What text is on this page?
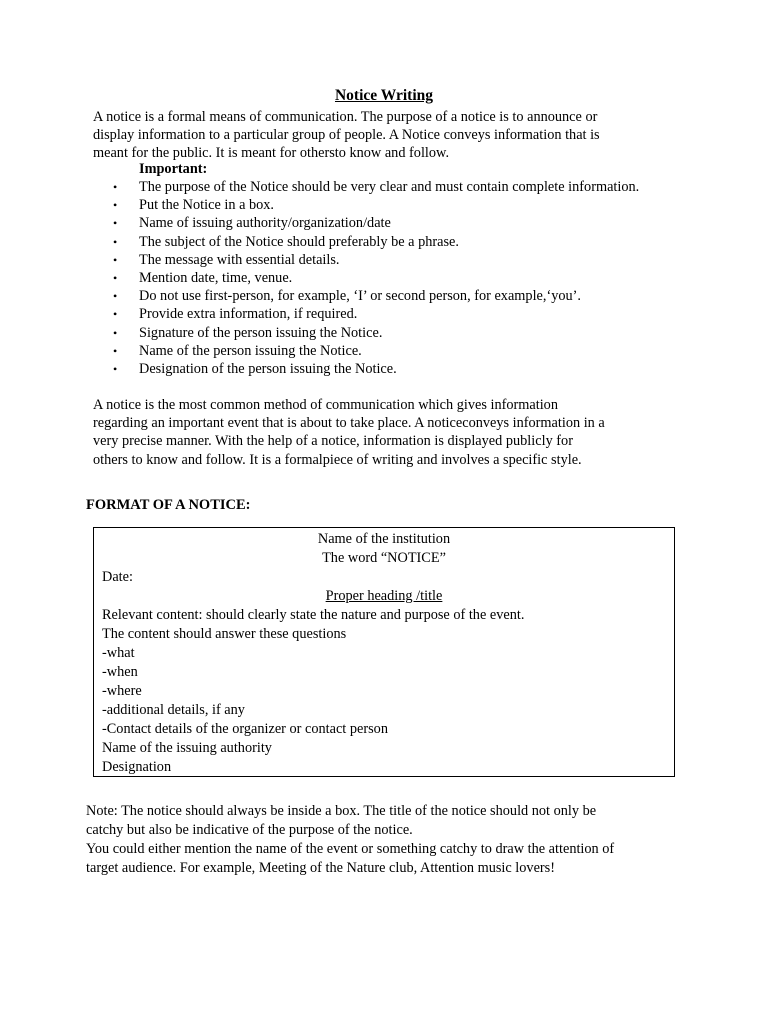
Notice Writing
A notice is a formal means of communication. The purpose of a notice is to announce or
display information to a particular group of people. A Notice conveys information that is
meant for the public. It is meant for othersto know and follow.
Important:
• The purpose of the Notice should be very clear and must contain complete information.
• Put the Notice in a box.
• Name of issuing authority/organization/date
• The subject of the Notice should preferably be a phrase.
• The message with essential details.
• Mention date, time, venue.
• Do not use first-person, for example, ‘I’ or second person, for example,‘you’.
• Provide extra information, if required.
• Signature of the person issuing the Notice.
• Name of the person issuing the Notice.
• Designation of the person issuing the Notice.
A notice is the most common method of communication which gives information
regarding an important event that is about to take place. A noticeconveys information in a
very precise manner. With the help of a notice, information is displayed publicly for
others to know and follow. It is a formalpiece of writing and involves a specific style.
FORMAT OF A NOTICE:
Name of the institution
The word “NOTICE”
Date:
Proper heading /title
Relevant content: should clearly state the nature and purpose of the event.
The content should answer these questions
-what
-when
-where
-additional details, if any
-Contact details of the organizer or contact person
Name of the issuing authority
Designation
Note: The notice should always be inside a box. The title of the notice should not only be
catchy but also be indicative of the purpose of the notice.
You could either mention the name of the event or something catchy to draw the attention of
target audience. For example, Meeting of the Nature club, Attention music lovers!
